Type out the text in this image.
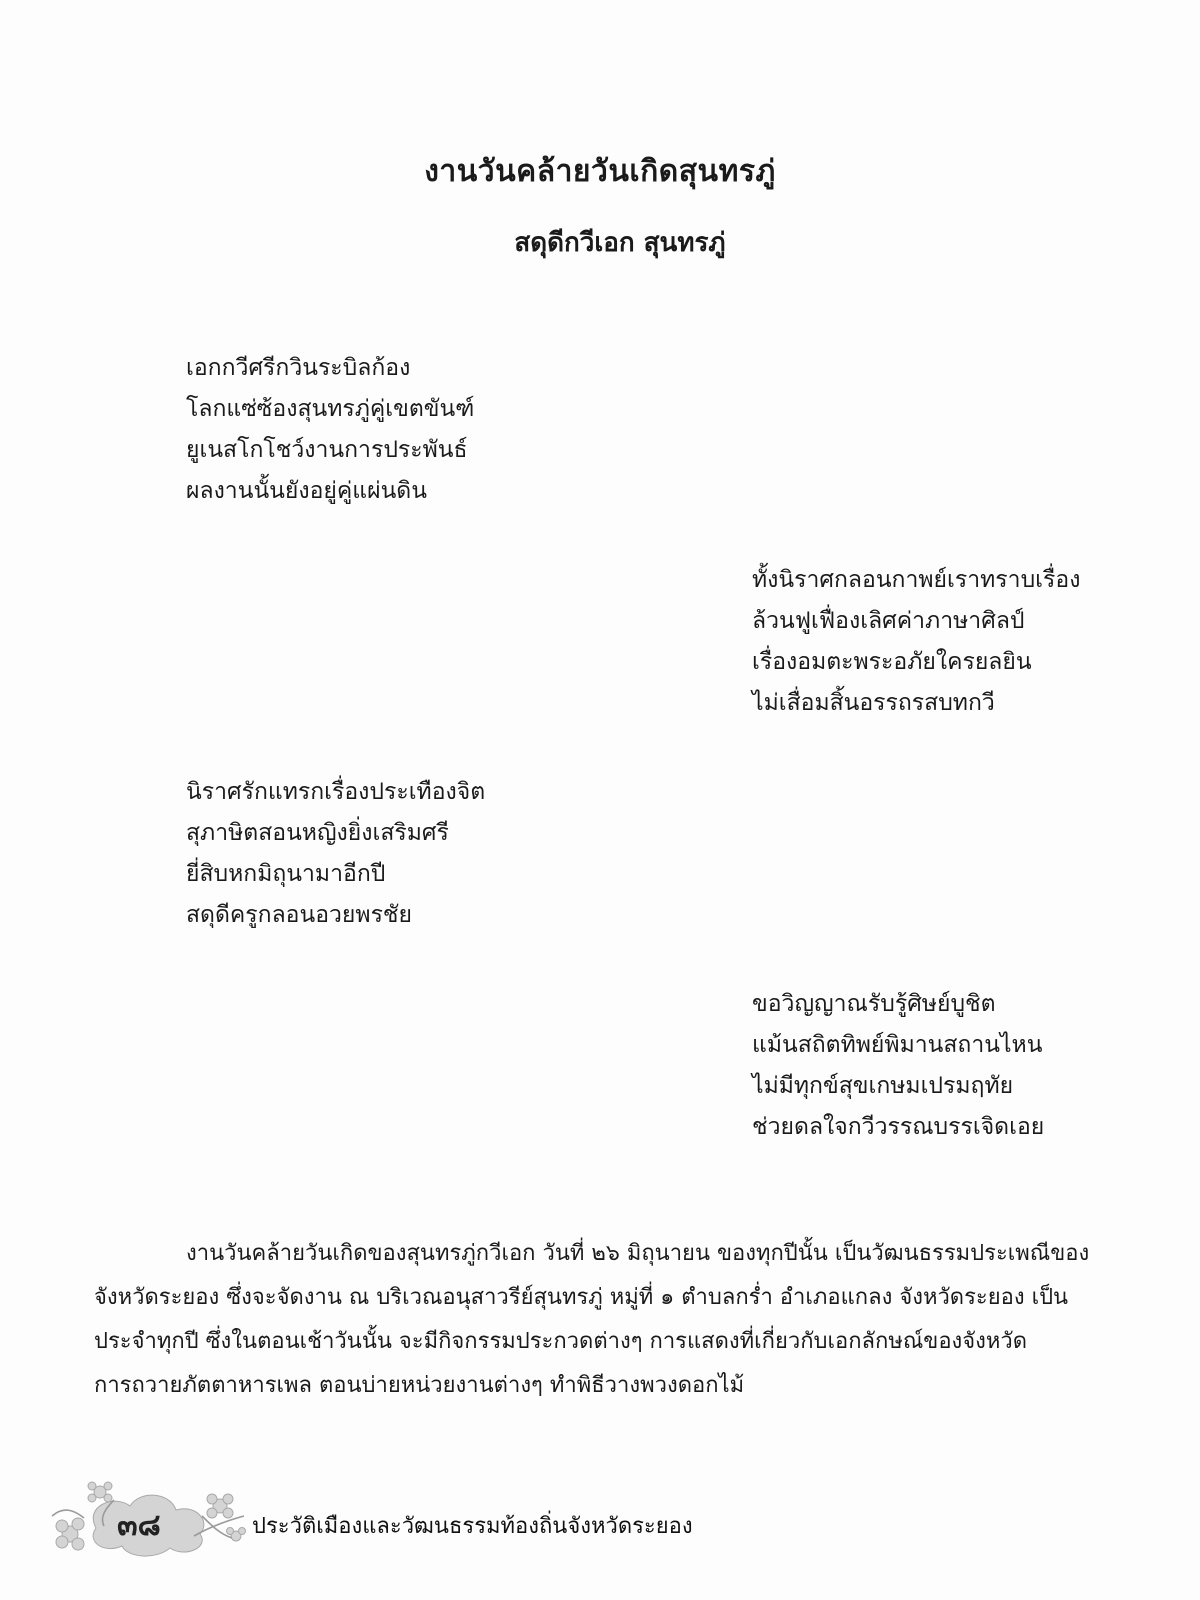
งานวันคล้ายวันเกิดสุนทรภู่
สดุดีกวีเอก สุนทรภู่
เอกกวีศรีกวินระบิลก้อง
โลกแซ่ซ้องสุนทรภู่คู่เขตขันฑ์
ยูเนสโกโชว์งานการประพันธ์
ผลงานนั้นยังอยู่คู่แผ่นดิน
ทั้งนิราศกลอนกาพย์เราทราบเรื่อง
ล้วนฟูเฟื่องเลิศค่าภาษาศิลป์
เรื่องอมตะพระอภัยใครยลยิน
ไม่เสื่อมสิ้นอรรถรสบทกวี
นิราศรักแทรกเรื่องประเทืองจิต
สุภาษิตสอนหญิงยิ่งเสริมศรี
ยี่สิบหกมิถุนามาอีกปี
สดุดีครูกลอนอวยพรชัย
ขอวิญญาณรับรู้ศิษย์บูชิต
แม้นสถิตทิพย์พิมานสถานไหน
ไม่มีทุกข์สุขเกษมเปรมฤทัย
ช่วยดลใจกวีวรรณบรรเจิดเอย
งานวันคล้ายวันเกิดของสุนทรภู่กวีเอก วันที่ ๒๖ มิถุนายน ของทุกปีนั้น เป็นวัฒนธรรมประเพณีของ
จังหวัดระยอง ซึ่งจะจัดงาน ณ บริเวณอนุสาวรีย์สุนทรภู่ หมู่ที่ ๑ ตำบลกร่ำ อำเภอแกลง จังหวัดระยอง เป็น
ประจำทุกปี ซึ่งในตอนเช้าวันนั้น จะมีกิจกรรมประกวดต่างๆ การแสดงที่เกี่ยวกับเอกลักษณ์ของจังหวัด
การถวายภัตตาหารเพล ตอนบ่ายหน่วยงานต่างๆ ทำพิธีวางพวงดอกไม้
๓๘	ประวัติเมืองและวัฒนธรรมท้องถิ่นจังหวัดระยอง
